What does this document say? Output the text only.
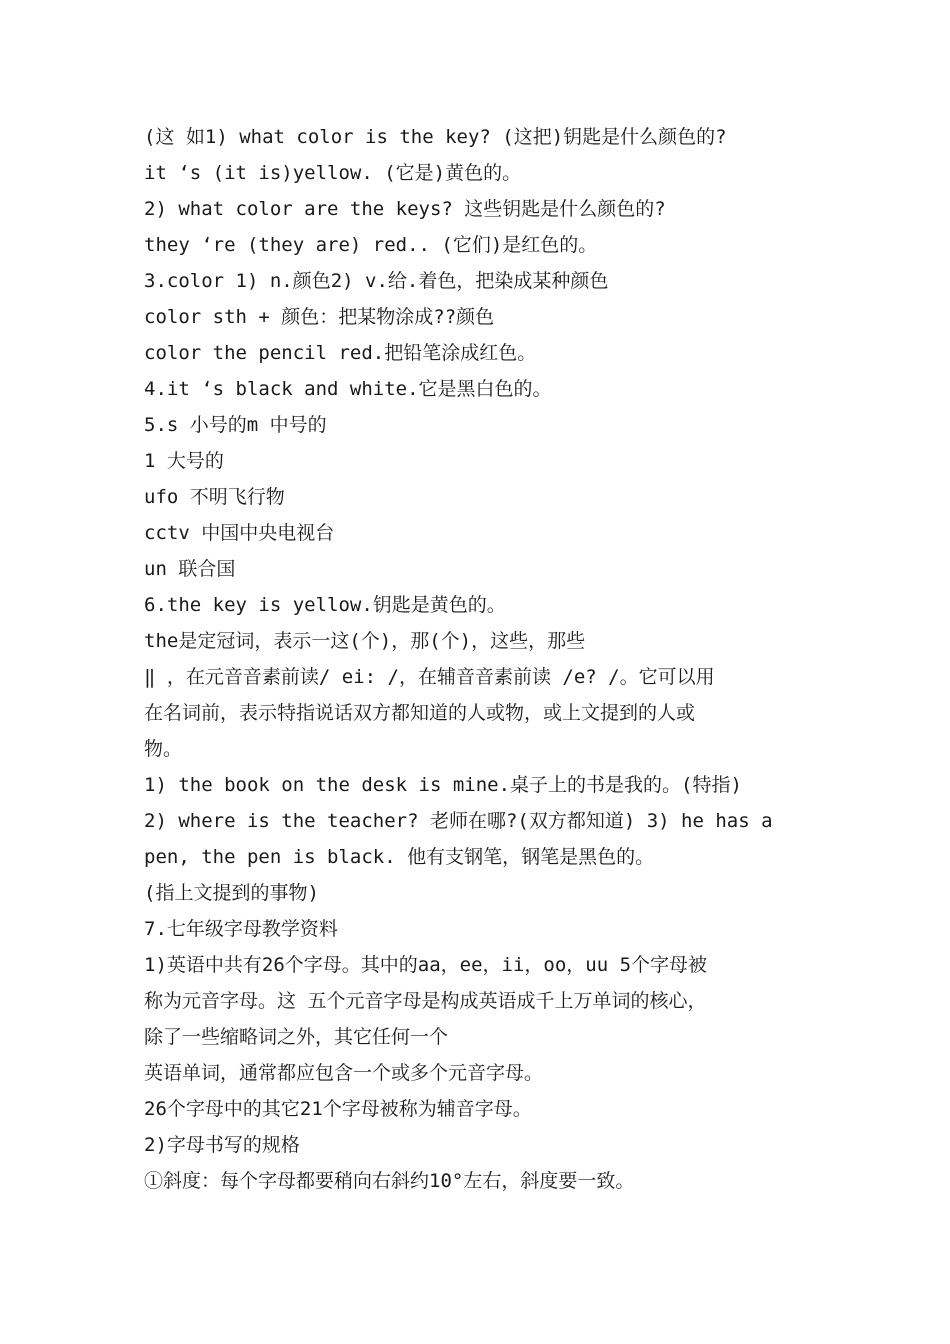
(这 如1) what color is the key? (这把)钥匙是什么颜色的?
it ‘s (it is)yellow. (它是)黄色的。
2) what color are the keys? 这些钥匙是什么颜色的?
they ‘re (they are) red.. (它们)是红色的。
3.color 1) n.颜色2) v.给.着色，把染成某种颜色
color sth + 颜色：把某物涂成??颜色
color the pencil red.把铅笔涂成红色。
4.it ‘s black and white.它是黑白色的。
5.s 小号的m 中号的
1 大号的
ufo 不明飞行物
cctv 中国中央电视台
un 联合国
6.the key is yellow.钥匙是黄色的。
the是定冠词，表示一这(个)，那(个)，这些，那些
‖ ，在元音音素前读/ ei: /，在辅音音素前读 /e? /。它可以用
在名词前，表示特指说话双方都知道的人或物，或上文提到的人或
物。
1) the book on the desk is mine.桌子上的书是我的。(特指)
2) where is the teacher? 老师在哪?(双方都知道) 3) he has a
pen, the pen is black. 他有支钢笔，钢笔是黑色的。
(指上文提到的事物)
7.七年级字母教学资料
1)英语中共有26个字母。其中的aa，ee，ii，oo，uu 5个字母被
称为元音字母。这 五个元音字母是构成英语成千上万单词的核心，
除了一些缩略词之外，其它任何一个
英语单词，通常都应包含一个或多个元音字母。
26个字母中的其它21个字母被称为辅音字母。
2)字母书写的规格
①斜度：每个字母都要稍向右斜约10°左右，斜度要一致。
